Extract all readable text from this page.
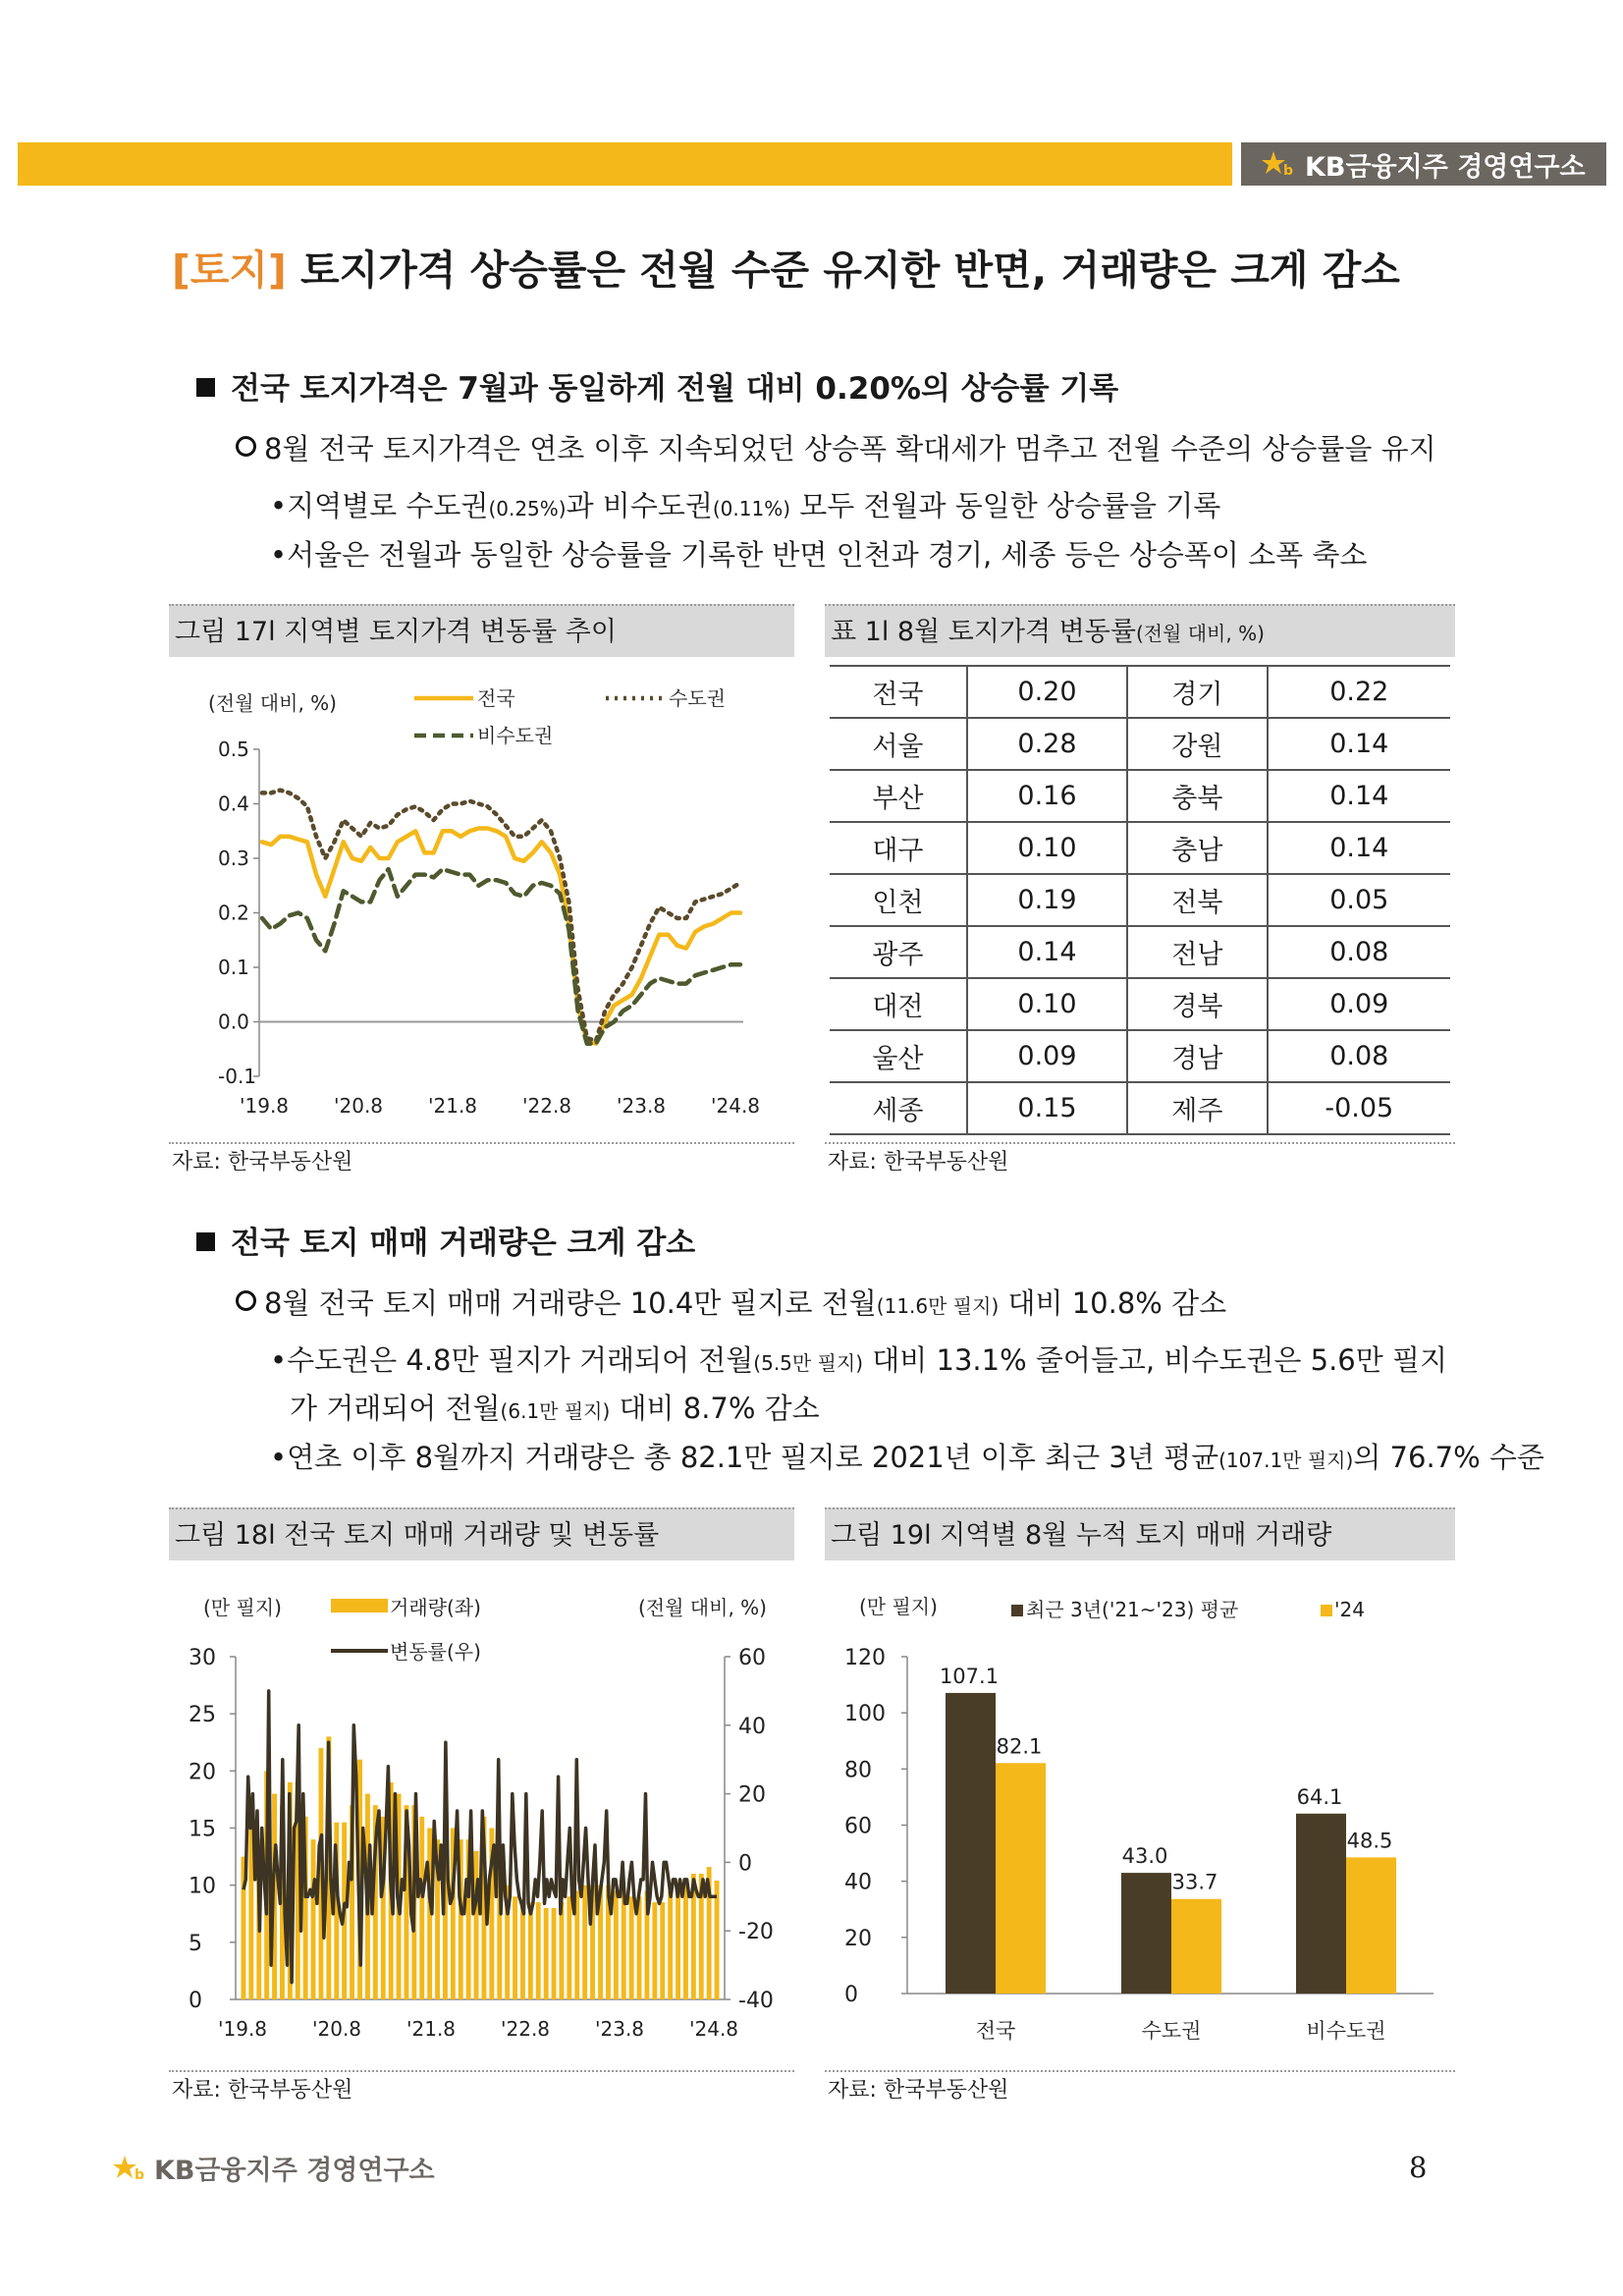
b KB금융지주 경영연구소
[토지] 토지가격 상승률은 전월 수준 유지한 반면, 거래량은 크게 감소
전국 토지가격은 7월과 동일하게 전월 대비 0.20%의 상승률 기록
8월 전국 토지가격은 연초 이후 지속되었던 상승폭 확대세가 멈추고 전월 수준의 상승률을 유지
•지역별로 수도권(0.25%)과 비수도권(0.11%) 모두 전월과 동일한 상승률을 기록
•서울은 전월과 동일한 상승률을 기록한 반면 인천과 경기, 세종 등은 상승폭이 소폭 축소
그림 17l 지역별 토지가격 변동률 추이
(전월 대비, %)
0.5
0.4
0.3
0.2
0.1
0.0
-0.1
'19.8 '20.8 '21.8 '22.8 '23.8 '24.8
전국	수도권
비수도권
자료: 한국부동산원
표 1l 8월 토지가격 변동률(전월 대비, %)
전국	0.20	경기	0.22
서울	0.28	강원	0.14
부산	0.16	충북	0.14
대구	0.10	충남	0.14
인천	0.19	전북	0.05
광주	0.14	전남	0.08
대전	0.10	경북	0.09
울산	0.09	경남	0.08
세종	0.15	제주	-0.05
자료: 한국부동산원
전국 토지 매매 거래량은 크게 감소
8월 전국 토지 매매 거래량은 10.4만 필지로 전월(11.6만 필지) 대비 10.8% 감소
•수도권은 4.8만 필지가 거래되어 전월(5.5만 필지) 대비 13.1% 줄어들고, 비수도권은 5.6만 필지
가 거래되어 전월(6.1만 필지) 대비 8.7% 감소
•연초 이후 8월까지 거래량은 총 82.1만 필지로 2021년 이후 최근 3년 평균(107.1만 필지)의 76.7% 수준
그림 18l 전국 토지 매매 거래량 및 변동률
(만 필지)	(전월 대비, %)
30
25
20
15
10
5
0
60
40
20
0
-20
-40
'19.8 '20.8 '21.8 '22.8 '23.8 '24.8
거래량(좌)
변동률(우)
자료: 한국부동산원
그림 19l 지역별 8월 누적 토지 매매 거래량
(만 필지)
120
100
80
60
40
20
0
전국
107.1
82.1
수도권
43.0
33.7
비수도권
64.1
48.5
최근 3년('21~'23) 평균	'24
자료: 한국부동산원
b KB금융지주 경영연구소	8
